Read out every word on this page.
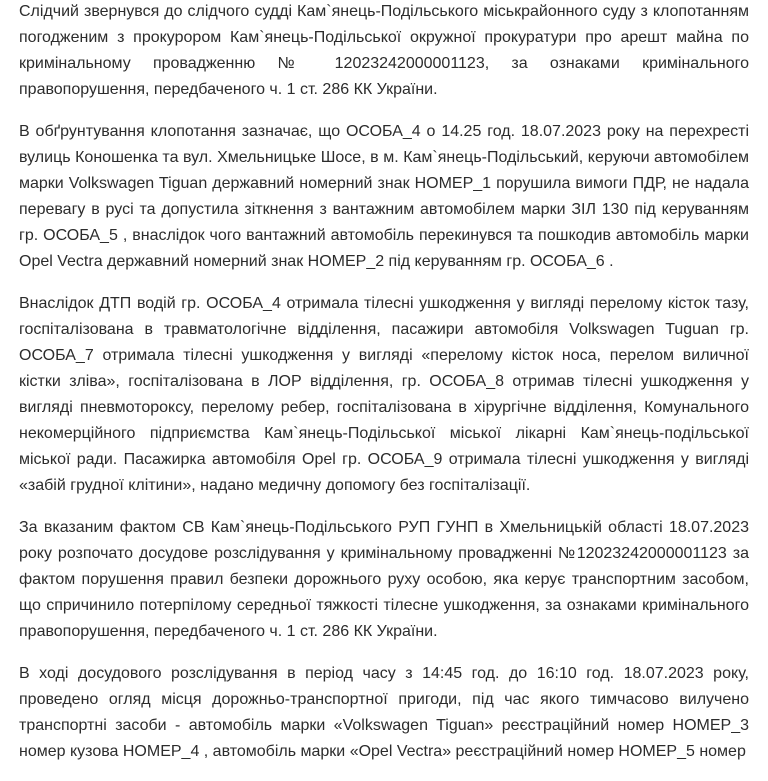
Слідчий звернувся до слідчого судді Кам`янець-Подільського міськрайонного суду з клопотанням погодженим з прокурором Кам`янець-Подільської окружної прокуратури про арешт майна по кримінальному провадженню № 12023242000001123, за ознаками кримінального правопорушення, передбаченого ч. 1 ст. 286 КК України.

В обґрунтування клопотання зазначає, що ОСОБА_4 о 14.25 год. 18.07.2023 року на перехресті вулиць Коношенка та вул. Хмельницьке Шосе, в м. Кам`янець-Подільський, керуючи автомобілем марки Volkswagen Tiguan державний номерний знак НОМЕР_1 порушила вимоги ПДР, не надала перевагу в русі та допустила зіткнення з вантажним автомобілем марки ЗІЛ 130 під керуванням гр. ОСОБА_5 , внаслідок чого вантажний автомобіль перекинувся та пошкодив автомобіль марки Opel Vectra державний номерний знак НОМЕР_2 під керуванням гр. ОСОБА_6 .

Внаслідок ДТП водій гр. ОСОБА_4 отримала тілесні ушкодження у вигляді перелому кісток тазу, госпіталізована в травматологічне відділення, пасажири автомобіля Volkswagen Tuguan гр. ОСОБА_7 отримала тілесні ушкодження у вигляді «перелому кісток носа, перелом виличної кістки зліва», госпіталізована в ЛОР відділення, гр. ОСОБА_8 отримав тілесні ушкодження у вигляді пневмотороксу, перелому ребер, госпіталізована в хірургічне відділення, Комунального некомерційного підприємства Кам`янець-Подільської міської лікарні Кам`янець-подільської міської ради. Пасажирка автомобіля Opel гр. ОСОБА_9 отримала тілесні ушкодження у вигляді «забій грудної клітини», надано медичну допомогу без госпіталізації.

За вказаним фактом СВ Кам`янець-Подільського РУП ГУНП в Хмельницькій області 18.07.2023 року розпочато досудове розслідування у кримінальному провадженні №12023242000001123 за фактом порушення правил безпеки дорожнього руху особою, яка керує транспортним засобом, що спричинило потерпілому середньої тяжкості тілесне ушкодження, за ознаками кримінального правопорушення, передбаченого ч. 1 ст. 286 КК України.

В ході досудового розслідування в період часу з 14:45 год. до 16:10 год. 18.07.2023 року, проведено огляд місця дорожньо-транспортної пригоди, під час якого тимчасово вилучено транспортні засоби - автомобіль марки «Volkswagen Tiguan» реєстраційний номер НОМЕР_3 номер кузова НОМЕР_4 , автомобіль марки «Opel Vectra» реєстраційний номер НОМЕР_5 номер
